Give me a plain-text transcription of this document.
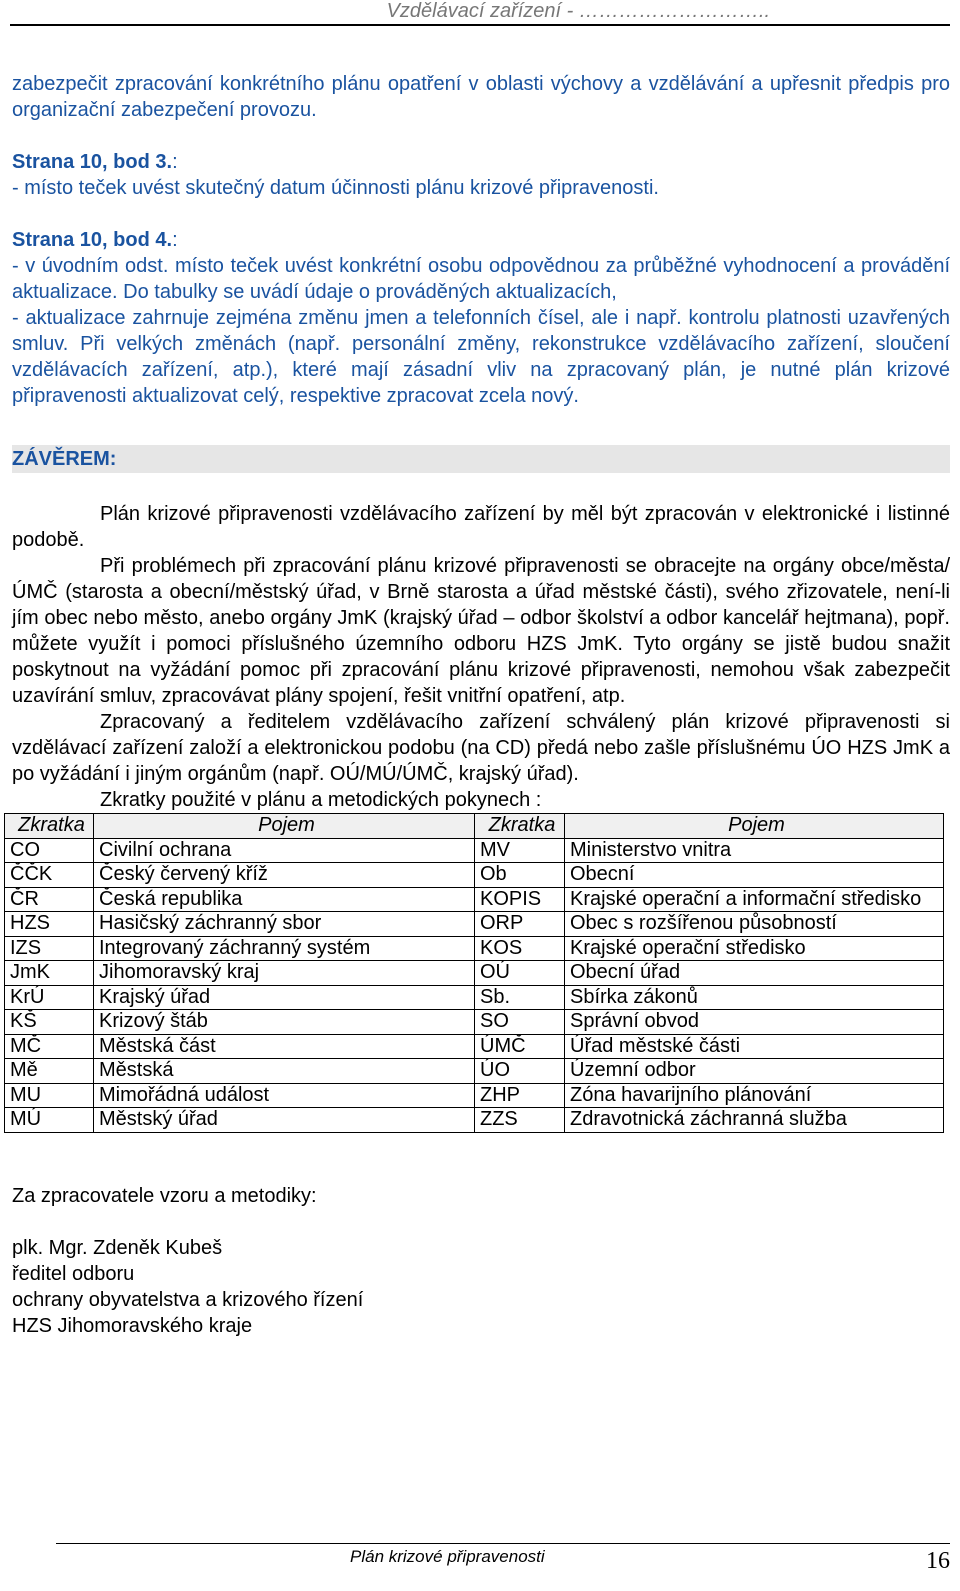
Vzdělávací zařízení - ………………………..

zabezpečit zpracování konkrétního plánu opatření v oblasti výchovy a vzdělávání a upřesnit předpis pro organizační zabezpečení provozu.

Strana 10, bod 3.:

- místo teček uvést skutečný datum účinnosti plánu krizové připravenosti.

Strana 10, bod 4.:

- v úvodním odst. místo teček uvést konkrétní osobu odpovědnou za průběžné vyhodnocení a provádění aktualizace. Do tabulky se uvádí údaje o prováděných aktualizacích,

- aktualizace zahrnuje zejména změnu jmen a telefonních čísel, ale i např. kontrolu platnosti uzavřených smluv. Při velkých změnách (např. personální změny, rekonstrukce vzdělávacího zařízení, sloučení vzdělávacích zařízení, atp.), které mají zásadní vliv na zpracovaný plán, je nutné plán krizové připravenosti aktualizovat celý, respektive zpracovat zcela nový.

ZÁVĚREM:

Plán krizové připravenosti vzdělávacího zařízení by měl být zpracován v elektronické i listinné podobě.

Při problémech při zpracování plánu krizové připravenosti se obracejte na orgány obce/města/ÚMČ (starosta a obecní/městský úřad, v Brně starosta a úřad městské části), svého zřizovatele, není-li jím obec nebo město, anebo orgány JmK (krajský úřad – odbor školství a odbor kancelář hejtmana), popř. můžete využít i pomoci příslušného územního odboru HZS JmK. Tyto orgány se jistě budou snažit poskytnout na vyžádání pomoc při zpracování plánu krizové připravenosti, nemohou však zabezpečit uzavírání smluv, zpracovávat plány spojení, řešit vnitřní opatření, atp.

Zpracovaný a ředitelem vzdělávacího zařízení schválený plán krizové připravenosti si vzdělávací zařízení založí a elektronickou podobu (na CD) předá nebo zašle příslušnému ÚO HZS JmK a po vyžádání i jiným orgánům (např. OÚ/MÚ/ÚMČ, krajský úřad).

Zkratky použité v plánu a metodických pokynech :

Zkratka	Pojem	Zkratka	Pojem
CO	Civilní ochrana	MV	Ministerstvo vnitra
ČČK	Český červený kříž	Ob	Obecní
ČR	Česká republika	KOPIS	Krajské operační a informační středisko
HZS	Hasičský záchranný sbor	ORP	Obec s rozšířenou působností
IZS	Integrovaný záchranný systém	KOS	Krajské operační středisko
JmK	Jihomoravský kraj	OÚ	Obecní úřad
KrÚ	Krajský úřad	Sb.	Sbírka zákonů
KŠ	Krizový štáb	SO	Správní obvod
MČ	Městská část	ÚMČ	Úřad městské části
Mě	Městská	ÚO	Územní odbor
MU	Mimořádná událost	ZHP	Zóna havarijního plánování
MÚ	Městský úřad	ZZS	Zdravotnická záchranná služba

Za zpracovatele vzoru a metodiky:

plk. Mgr. Zdeněk Kubeš

ředitel odboru

ochrany obyvatelstva a krizového řízení

HZS Jihomoravského kraje

Plán krizové připravenosti	16
